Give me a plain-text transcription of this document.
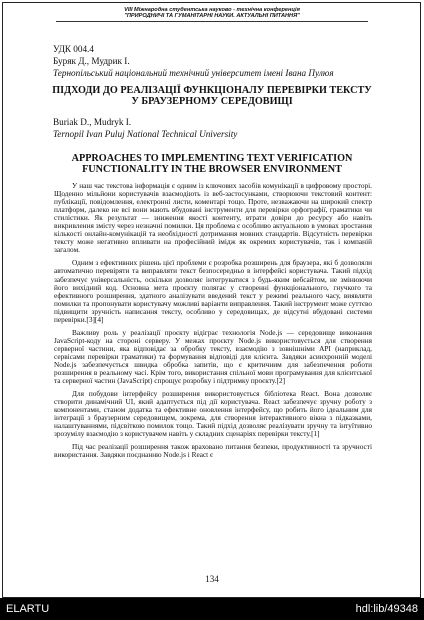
VIII Міжнародна студентська науково - технічна конференція
"ПРИРОДНИЧІ ТА ГУМАНІТАРНІ НАУКИ. АКТУАЛЬНІ ПИТАННЯ"
УДК 004.4
Буряк Д., Мудрик І.
Тернопільський національний технічний університет імені Івана Пулюя
ПІДХОДИ ДО РЕАЛІЗАЦІЇ ФУНКЦІОНАЛУ ПЕРЕВІРКИ ТЕКСТУ
У БРАУЗЕРНОМУ СЕРЕДОВИЩІ
Buriak D., Mudryk I.
Ternopil Ivan Puluj National Technical University
APPROACHES TO IMPLEMENTING TEXT VERIFICATION
FUNCTIONALITY IN THE BROWSER ENVIRONMENT

У наш час текстова інформація є одним із ключових засобів комунікації в цифровому просторі. Щоденно мільйони користувачів взаємодіють із веб-застосунками, створюючи текстовий контент: публікації, повідомлення, електронні листи, коментарі тощо. Проте, незважаючи на широкий спектр платформ, далеко не всі вони мають вбудовані інструменти для перевірки орфографії, граматики чи стилістики. Як результат — зниження якості контенту, втрати довіри до ресурсу або навіть викривлення змісту через незначні помилки. Ця проблема є особливо актуальною в умовах зростання кількості онлайн-комунікацій та необхідності дотримання мовних стандартів. Відсутність перевірки тексту може негативно впливати на професійний імідж як окремих користувачів, так і компаній загалом.

Одним з ефективних рішень цієї проблеми є розробка розширень для браузера, які б дозволяли автоматично перевіряти та виправляти текст безпосередньо в інтерфейсі користувача. Такий підхід забезпечує універсальність, оскільки дозволяє інтегруватися з будь-яким вебсайтом, не змінюючи його вихідний код. Основна мета проєкту полягає у створенні функціонального, гнучкого та ефективного розширення, здатного аналізувати введений текст у режимі реального часу, виявляти помилки та пропонувати користувачу можливі варіанти виправлення. Такий інструмент може суттєво підвищити зручність написання тексту, особливо у середовищах, де відсутні вбудовані системи перевірки.[3][4]

Важливу роль у реалізації проєкту відіграє технологія Node.js — середовище виконання JavaScript-коду на стороні серверу. У межах проєкту Node.js використовується для створення серверної частини, яка відповідає за обробку тексту, взаємодію з зовнішніми API (наприклад, сервісами перевірки граматики) та формування відповіді для клієнта. Завдяки асинхронній моделі Node.js забезпечується швидка обробка запитів, що є критичним для забезпечення роботи розширення в реальному часі. Крім того, використання спільної мови програмування для клієнтської та серверної частин (JavaScript) спрощує розробку і підтримку проєкту.[2]

Для побудови інтерфейсу розширення використовується бібліотека React. Вона дозволяє створити динамічний UI, який адаптується під дії користувача. React забезпечує зручну роботу з компонентами, станом додатка та ефективне оновлення інтерфейсу, що робить його ідеальним для інтеграції з браузерним середовищем, зокрема, для створення інтерактивного вікна з підказками, налаштуваннями, підсвіткою помилок тощо. Такий підхід дозволяє реалізувати зручну та інтуїтивно зрозумілу взаємодію з користувачем навіть у складних сценаріях перевірки тексту.[1]

Під час реалізації розширення також враховано питання безпеки, продуктивності та зручності використання. Завдяки поєднанню Node.js і React є

134
ELARTU	hdl:lib/49348
